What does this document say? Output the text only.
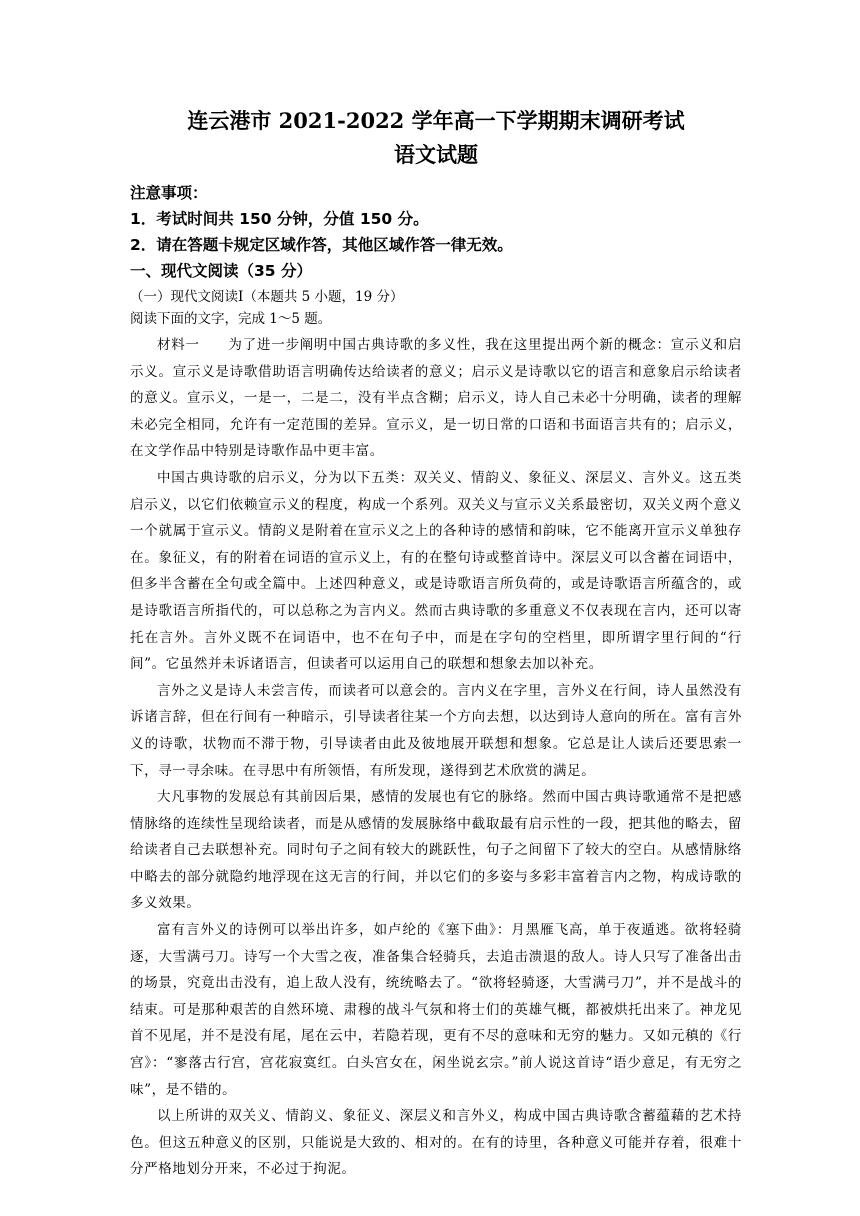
连云港市 2021-2022 学年高一下学期期末调研考试
语文试题

注意事项：

1．考试时间共 150 分钟，分值 150 分。

2．请在答题卡规定区域作答，其他区域作答一律无效。

一、现代文阅读（35 分）

（一）现代文阅读Ⅰ（本题共 5 小题，19 分）

阅读下面的文字，完成 1～5 题。

材料一　　 为了进一步阐明中国古典诗歌的多义性，我在这里提出两个新的概念：宣示义和启示义。宣示义是诗歌借助语言明确传达给读者的意义；启示义是诗歌以它的语言和意象启示给读者的意义。宣示义，一是一，二是二，没有半点含糊；启示义，诗人自己未必十分明确，读者的理解未必完全相同，允许有一定范围的差异。宣示义，是一切日常的口语和书面语言共有的；启示义，在文学作品中特别是诗歌作品中更丰富。

中国古典诗歌的启示义，分为以下五类：双关义、情韵义、象征义、深层义、言外义。这五类启示义，以它们依赖宣示义的程度，构成一个系列。双关义与宣示义关系最密切，双关义两个意义一个就属于宣示义。情韵义是附着在宣示义之上的各种诗的感情和韵味，它不能离开宣示义单独存在。象征义，有的附着在词语的宣示义上，有的在整句诗或整首诗中。深层义可以含蓄在词语中，但多半含蓄在全句或全篇中。上述四种意义，或是诗歌语言所负荷的，或是诗歌语言所蕴含的，或是诗歌语言所指代的，可以总称之为言内义。然而古典诗歌的多重意义不仅表现在言内，还可以寄托在言外。言外义既不在词语中，也不在句子中，而是在字句的空档里，即所谓字里行间的“行间”。它虽然并未诉诸语言，但读者可以运用自己的联想和想象去加以补充。

言外之义是诗人未尝言传，而读者可以意会的。言内义在字里，言外义在行间，诗人虽然没有诉诸言辞，但在行间有一种暗示，引导读者往某一个方向去想，以达到诗人意向的所在。富有言外义的诗歌，状物而不滞于物，引导读者由此及彼地展开联想和想象。它总是让人读后还要思索一下，寻一寻余味。在寻思中有所领悟，有所发现，遂得到艺术欣赏的满足。

大凡事物的发展总有其前因后果，感情的发展也有它的脉络。然而中国古典诗歌通常不是把感情脉络的连续性呈现给读者，而是从感情的发展脉络中截取最有启示性的一段，把其他的略去，留给读者自己去联想补充。同时句子之间有较大的跳跃性，句子之间留下了较大的空白。从感情脉络中略去的部分就隐约地浮现在这无言的行间，并以它们的多姿与多彩丰富着言内之物，构成诗歌的多义效果。

富有言外义的诗例可以举出许多，如卢纶的《塞下曲》：月黑雁飞高，单于夜遁逃。欲将轻骑逐，大雪满弓刀。诗写一个大雪之夜，准备集合轻骑兵，去追击溃退的敌人。诗人只写了准备出击的场景，究竟出击没有，追上敌人没有，统统略去了。“欲将轻骑逐，大雪满弓刀”，并不是战斗的结束。可是那种艰苦的自然环境、肃穆的战斗气氛和将士们的英雄气概，都被烘托出来了。神龙见首不见尾，并不是没有尾，尾在云中，若隐若现，更有不尽的意味和无穷的魅力。又如元稹的《行宫》：“寥落古行宫，宫花寂寞红。白头宫女在，闲坐说玄宗。”前人说这首诗“语少意足，有无穷之味”，是不错的。

以上所讲的双关义、情韵义、象征义、深层义和言外义，构成中国古典诗歌含蓄蕴藉的艺术持色。但这五种意义的区别，只能说是大致的、相对的。在有的诗里，各种意义可能并存着，很难十分严格地划分开来，不必过于拘泥。
